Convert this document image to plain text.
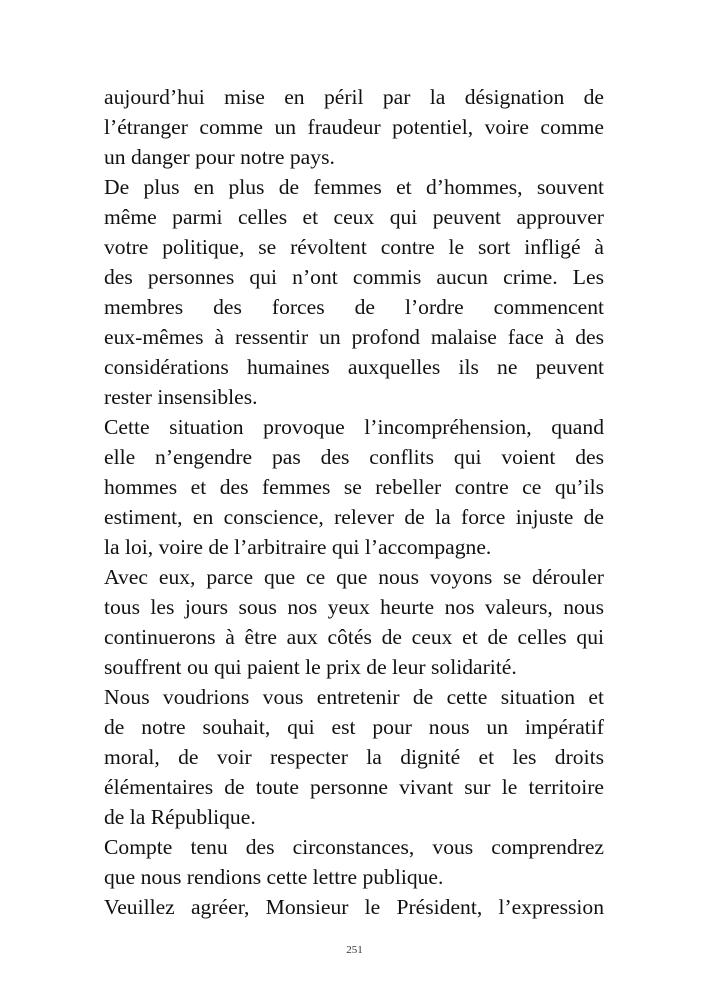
aujourd’hui mise en péril par la désignation de
l’étranger comme un fraudeur potentiel, voire comme
un danger pour notre pays.
De plus en plus de femmes et d’hommes, souvent
même parmi celles et ceux qui peuvent approuver
votre politique, se révoltent contre le sort infligé à
des personnes qui n’ont commis aucun crime. Les
membres des forces de l’ordre commencent
eux-mêmes à ressentir un profond malaise face à des
considérations humaines auxquelles ils ne peuvent
rester insensibles.
Cette situation provoque l’incompréhension, quand
elle n’engendre pas des conflits qui voient des
hommes et des femmes se rebeller contre ce qu’ils
estiment, en conscience, relever de la force injuste de
la loi, voire de l’arbitraire qui l’accompagne.
Avec eux, parce que ce que nous voyons se dérouler
tous les jours sous nos yeux heurte nos valeurs, nous
continuerons à être aux côtés de ceux et de celles qui
souffrent ou qui paient le prix de leur solidarité.
Nous voudrions vous entretenir de cette situation et
de notre souhait, qui est pour nous un impératif
moral, de voir respecter la dignité et les droits
élémentaires de toute personne vivant sur le territoire
de la République.
Compte tenu des circonstances, vous comprendrez
que nous rendions cette lettre publique.
Veuillez agréer, Monsieur le Président, l’expression
251
